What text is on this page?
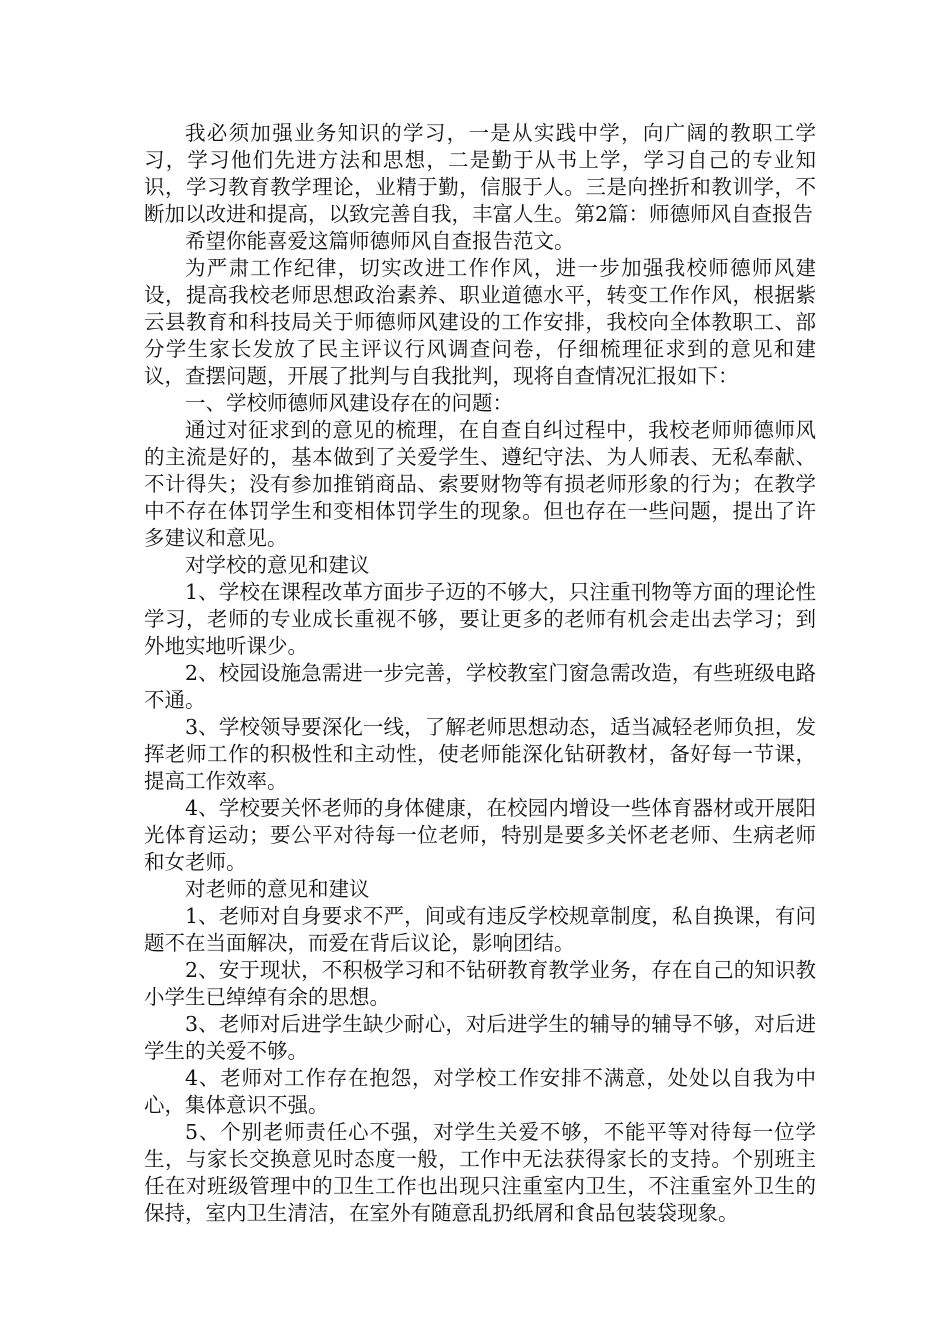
我必须加强业务知识的学习，一是从实践中学，向广阔的教职工学习，学习他们先进方法和思想，二是勤于从书上学，学习自己的专业知识，学习教育教学理论，业精于勤，信服于人。三是向挫折和教训学，不断加以改进和提高，以致完善自我，丰富人生。第2篇：师德师风自查报告

希望你能喜爱这篇师德师风自查报告范文。

为严肃工作纪律，切实改进工作作风，进一步加强我校师德师风建设，提高我校老师思想政治素养、职业道德水平，转变工作作风，根据紫云县教育和科技局关于师德师风建设的工作安排，我校向全体教职工、部分学生家长发放了民主评议行风调查问卷，仔细梳理征求到的意见和建议，查摆问题，开展了批判与自我批判，现将自查情况汇报如下：

一、学校师德师风建设存在的问题：

通过对征求到的意见的梳理，在自查自纠过程中，我校老师师德师风的主流是好的，基本做到了关爱学生、遵纪守法、为人师表、无私奉献、不计得失；没有参加推销商品、索要财物等有损老师形象的行为；在教学中不存在体罚学生和变相体罚学生的现象。但也存在一些问题，提出了许多建议和意见。

对学校的意见和建议

1、学校在课程改革方面步子迈的不够大，只注重刊物等方面的理论性学习，老师的专业成长重视不够，要让更多的老师有机会走出去学习；到外地实地听课少。

2、校园设施急需进一步完善，学校教室门窗急需改造，有些班级电路不通。

3、学校领导要深化一线，了解老师思想动态，适当减轻老师负担，发挥老师工作的积极性和主动性，使老师能深化钻研教材，备好每一节课，提高工作效率。

4、学校要关怀老师的身体健康，在校园内增设一些体育器材或开展阳光体育运动；要公平对待每一位老师，特别是要多关怀老老师、生病老师和女老师。

对老师的意见和建议

1、老师对自身要求不严，间或有违反学校规章制度，私自换课，有问题不在当面解决，而爱在背后议论，影响团结。

2、安于现状，不积极学习和不钻研教育教学业务，存在自己的知识教小学生已绰绰有余的思想。

3、老师对后进学生缺少耐心，对后进学生的辅导的辅导不够，对后进学生的关爱不够。

4、老师对工作存在抱怨，对学校工作安排不满意，处处以自我为中心，集体意识不强。

5、个别老师责任心不强，对学生关爱不够，不能平等对待每一位学生，与家长交换意见时态度一般，工作中无法获得家长的支持。个别班主任在对班级管理中的卫生工作也出现只注重室内卫生，不注重室外卫生的保持，室内卫生清洁，在室外有随意乱扔纸屑和食品包装袋现象。
